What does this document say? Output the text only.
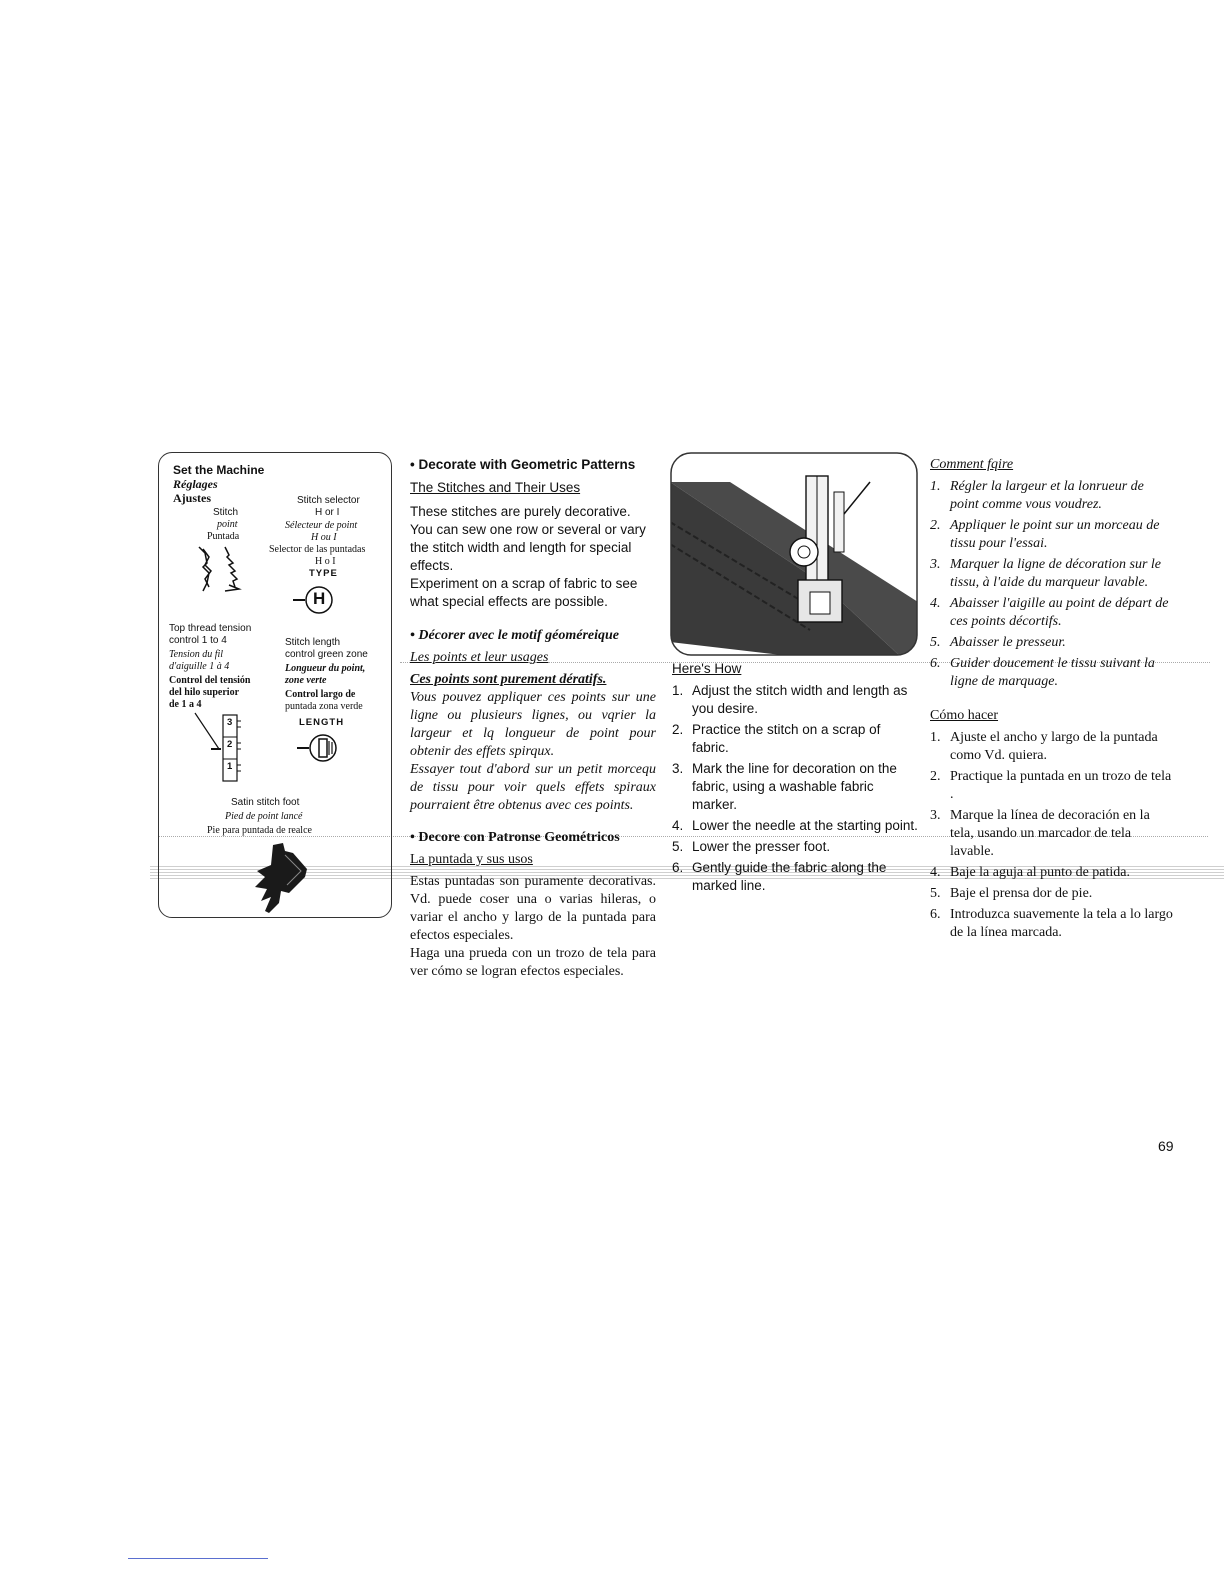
Set the Machine
Réglages
Ajustes
Stitch
point
Puntada
Stitch selector
H or I
Sélecteur de point
H ou I
Selector de las puntadas
H o I
TYPE
H
Top thread tension
control 1 to 4
Tension du fil
d'aiguille 1 à 4
Control del tensión
del hilo superior
de 1 a 4
3
2
1
Stitch length
control green zone
Longueur du point,
zone verte
Control largo de
puntada zona verde
LENGTH
Satin stitch foot
Pied de point lancé
Pie para puntada de realce
• Decorate with Geometric Patterns
The Stitches and Their Uses

These stitches are purely decorative. You can sew one row or several or vary the stitch width and length for special effects.

Experiment on a scrap of fabric to see what special effects are possible.

• Décorer avec le motif géoméreique
Les points et leur usages
Ces points sont purement dératifs.

Vous pouvez appliquer ces points sur une ligne ou plusieurs lignes, ou vqrier la largeur et lq longueur de point pour obtenir des effets spirqux.

Essayer tout d'abord sur un petit morcequ de tissu pour voir quels effets spiraux pourraient être obtenus avec ces points.

• Decore con Patronse Geométricos
La puntada y sus usos

Estas puntadas son puramente decorativas.

Vd. puede coser una o varias hileras, o variar el ancho y largo de la puntada para efectos especiales.

Haga una prueda con un trozo de tela para ver cómo se logran efectos especiales.

Here's How
1. Adjust the stitch width and length as you desire.
2. Practice the stitch on a scrap of fabric.
3. Mark the line for decoration on the fabric, using a washable fabric marker.
4. Lower the needle at the starting point.
5. Lower the presser foot.
6. Gently guide the fabric along the marked line.
Comment fqire
1. Régler la largeur et la lonrueur de point comme vous voudrez.
2. Appliquer le point sur un morceau de tissu pour l'essai.
3. Marquer la ligne de décoration sur le tissu, à l'aide du marqueur lavable.
4. Abaisser l'aigille au point de départ de ces points décortifs.
5. Abaisser le presseur.
6. Guider doucement le tissu suivant la ligne de marquage.
Cómo hacer
1. Ajuste el ancho y largo de la puntada como Vd. quiera.
2. Practique la puntada en un trozo de tela .
3. Marque la línea de decoración en la tela, usando un marcador de tela lavable.
4. Baje la aguja al punto de patida.
5. Baje el prensa dor de pie.
6. Introduzca suavemente la tela a lo largo de la línea marcada.
69
